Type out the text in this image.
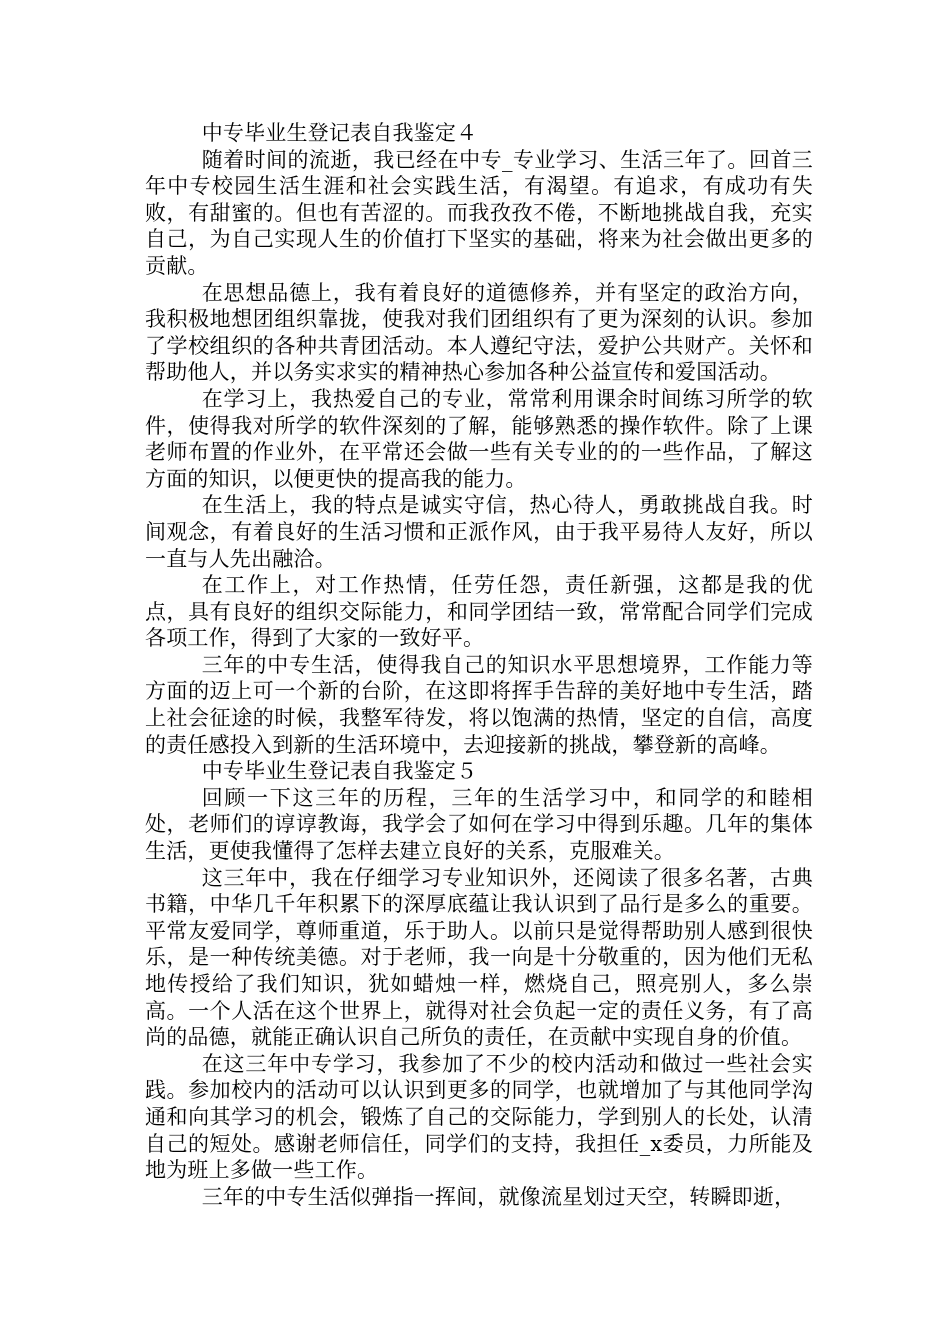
中专毕业生登记表自我鉴定４

随着时间的流逝，我已经在中专_专业学习、生活三年了。回首三年中专校园生活生涯和社会实践生活，有渴望。有追求，有成功有失败，有甜蜜的。但也有苦涩的。而我孜孜不倦，不断地挑战自我，充实自己，为自己实现人生的价值打下坚实的基础，将来为社会做出更多的贡献。

在思想品德上，我有着良好的道德修养，并有坚定的政治方向，我积极地想团组织靠拢，使我对我们团组织有了更为深刻的认识。参加了学校组织的各种共青团活动。本人遵纪守法，爱护公共财产。关怀和帮助他人，并以务实求实的精神热心参加各种公益宣传和爱国活动。

在学习上，我热爱自己的专业，常常利用课余时间练习所学的软件，使得我对所学的软件深刻的了解，能够熟悉的操作软件。除了上课老师布置的作业外，在平常还会做一些有关专业的的一些作品，了解这方面的知识，以便更快的提高我的能力。

在生活上，我的特点是诚实守信，热心待人，勇敢挑战自我。时间观念，有着良好的生活习惯和正派作风，由于我平易待人友好，所以一直与人先出融洽。

在工作上，对工作热情，任劳任怨，责任新强，这都是我的优点，具有良好的组织交际能力，和同学团结一致，常常配合同学们完成各项工作，得到了大家的一致好平。

三年的中专生活，使得我自己的知识水平思想境界，工作能力等方面的迈上可一个新的台阶，在这即将挥手告辞的美好地中专生活，踏上社会征途的时候，我整军待发，将以饱满的热情，坚定的自信，高度的责任感投入到新的生活环境中，去迎接新的挑战，攀登新的高峰。

中专毕业生登记表自我鉴定５

回顾一下这三年的历程，三年的生活学习中，和同学的和睦相处，老师们的谆谆教诲，我学会了如何在学习中得到乐趣。几年的集体生活，更使我懂得了怎样去建立良好的关系，克服难关。

这三年中，我在仔细学习专业知识外，还阅读了很多名著，古典书籍，中华几千年积累下的深厚底蕴让我认识到了品行是多么的重要。平常友爱同学，尊师重道，乐于助人。以前只是觉得帮助别人感到很快乐，是一种传统美德。对于老师，我一向是十分敬重的，因为他们无私地传授给了我们知识，犹如蜡烛一样，燃烧自己，照亮别人，多么崇高。一个人活在这个世界上，就得对社会负起一定的责任义务，有了高尚的品德，就能正确认识自己所负的责任，在贡献中实现自身的价值。

在这三年中专学习，我参加了不少的校内活动和做过一些社会实践。参加校内的活动可以认识到更多的同学，也就增加了与其他同学沟通和向其学习的机会，锻炼了自己的交际能力，学到别人的长处，认清自己的短处。感谢老师信任，同学们的支持，我担任_x委员，力所能及地为班上多做一些工作。

三年的中专生活似弹指一挥间，就像流星划过天空，转瞬即逝，
